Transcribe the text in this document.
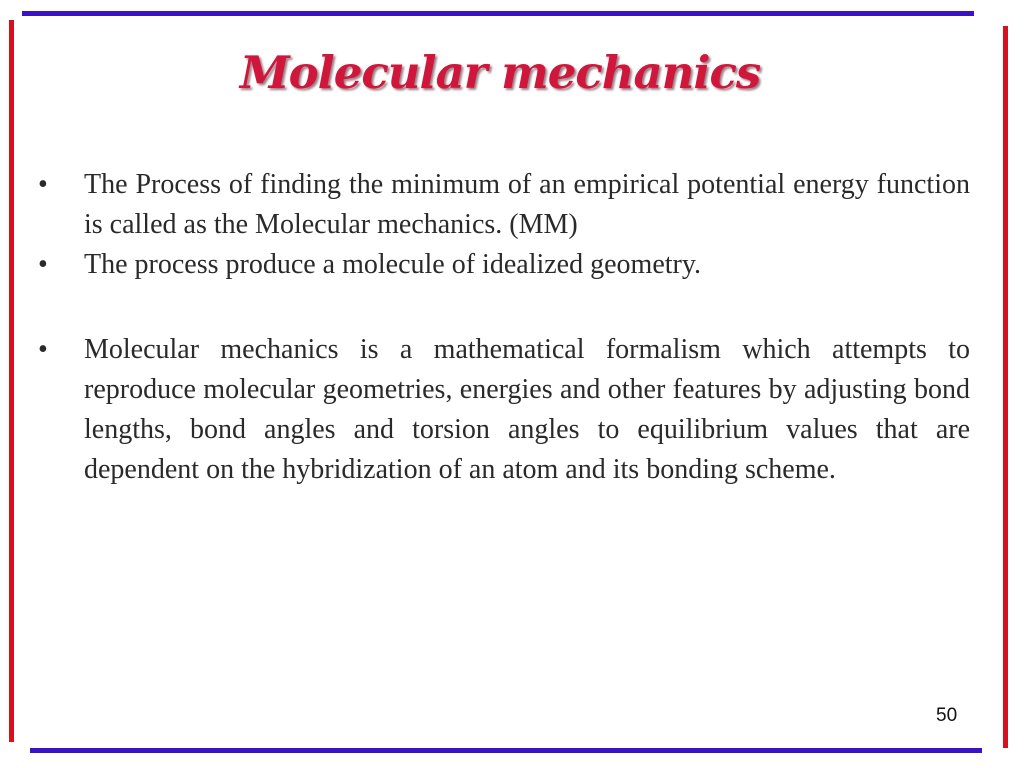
Molecular mechanics
• The Process of finding the minimum of an empirical potential energy function is called as the Molecular mechanics. (MM)
• The process produce a molecule of idealized geometry.
• Molecular mechanics is a mathematical formalism which attempts to reproduce molecular geometries, energies and other features by adjusting bond lengths, bond angles and torsion angles to equilibrium values that are dependent on the hybridization of an atom and its bonding scheme.
50
